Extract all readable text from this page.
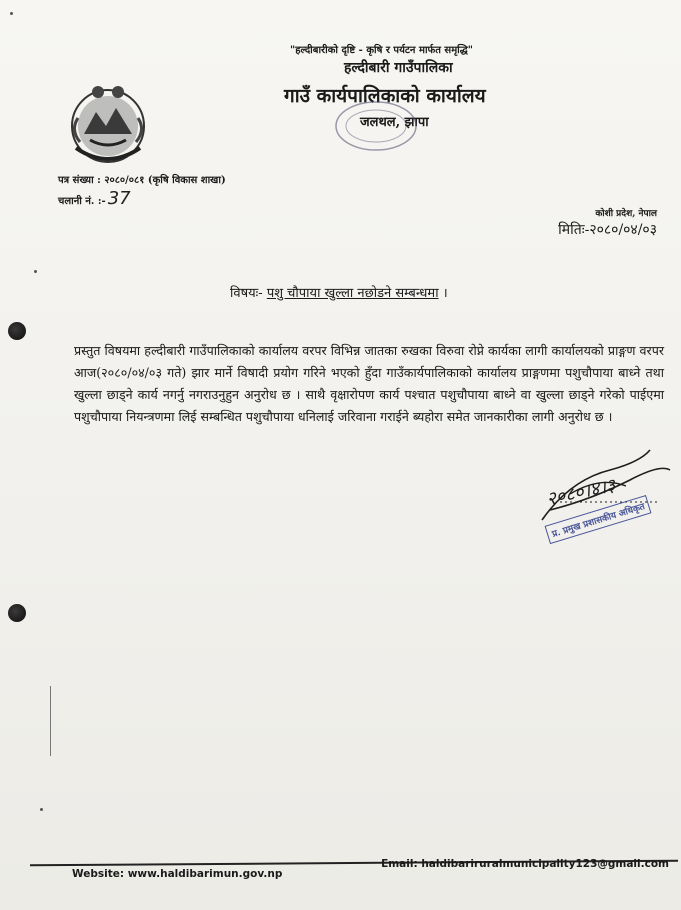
"हल्दीबारीको दृष्टि - कृषि र पर्यटन मार्फत समृद्धि"
हल्दीबारी गाउँपालिका
गाउँ कार्यपालिकाको कार्यालय
जलथल, झापा
पत्र संख्या : २०८०/०८१ (कृषि विकास शाखा)
चलानी नं. :- 37
कोशी प्रदेश, नेपाल
मितिः-२०८०/०४/०३
विषयः- पशु चौपाया खुल्ला नछोडने सम्बन्धमा ।
प्रस्तुत विषयमा हल्दीबारी गाउँपालिकाको कार्यालय वरपर विभिन्न जातका रुखका विरुवा रोप्ने कार्यका लागी कार्यालयको प्राङ्गण वरपर आज(२०८०/०४/०३ गते) झार मार्ने विषादी प्रयोग गरिने भएको हुँदा गाउँकार्यपालिकाको कार्यालय प्राङ्गणमा पशुचौपाया बाध्ने तथा खुल्ला छाड्ने कार्य नगर्नु नगराउनुहुन अनुरोध छ । साथै वृक्षारोपण कार्य पश्चात पशुचौपाया बाध्ने वा खुल्ला छाड्ने गरेको पाईएमा पशुचौपाया नियन्त्रणमा लिई सम्बन्धित पशुचौपाया धनिलाई जरिवाना गराईने ब्यहोरा समेत जानकारीका लागी अनुरोध छ ।
२०८०।४।३
प्र. प्रमुख प्रशासकीय अधिकृत
Website: www.haldibarimun.gov.np
Email: haldibariruralmunicipality123@gmail.com
